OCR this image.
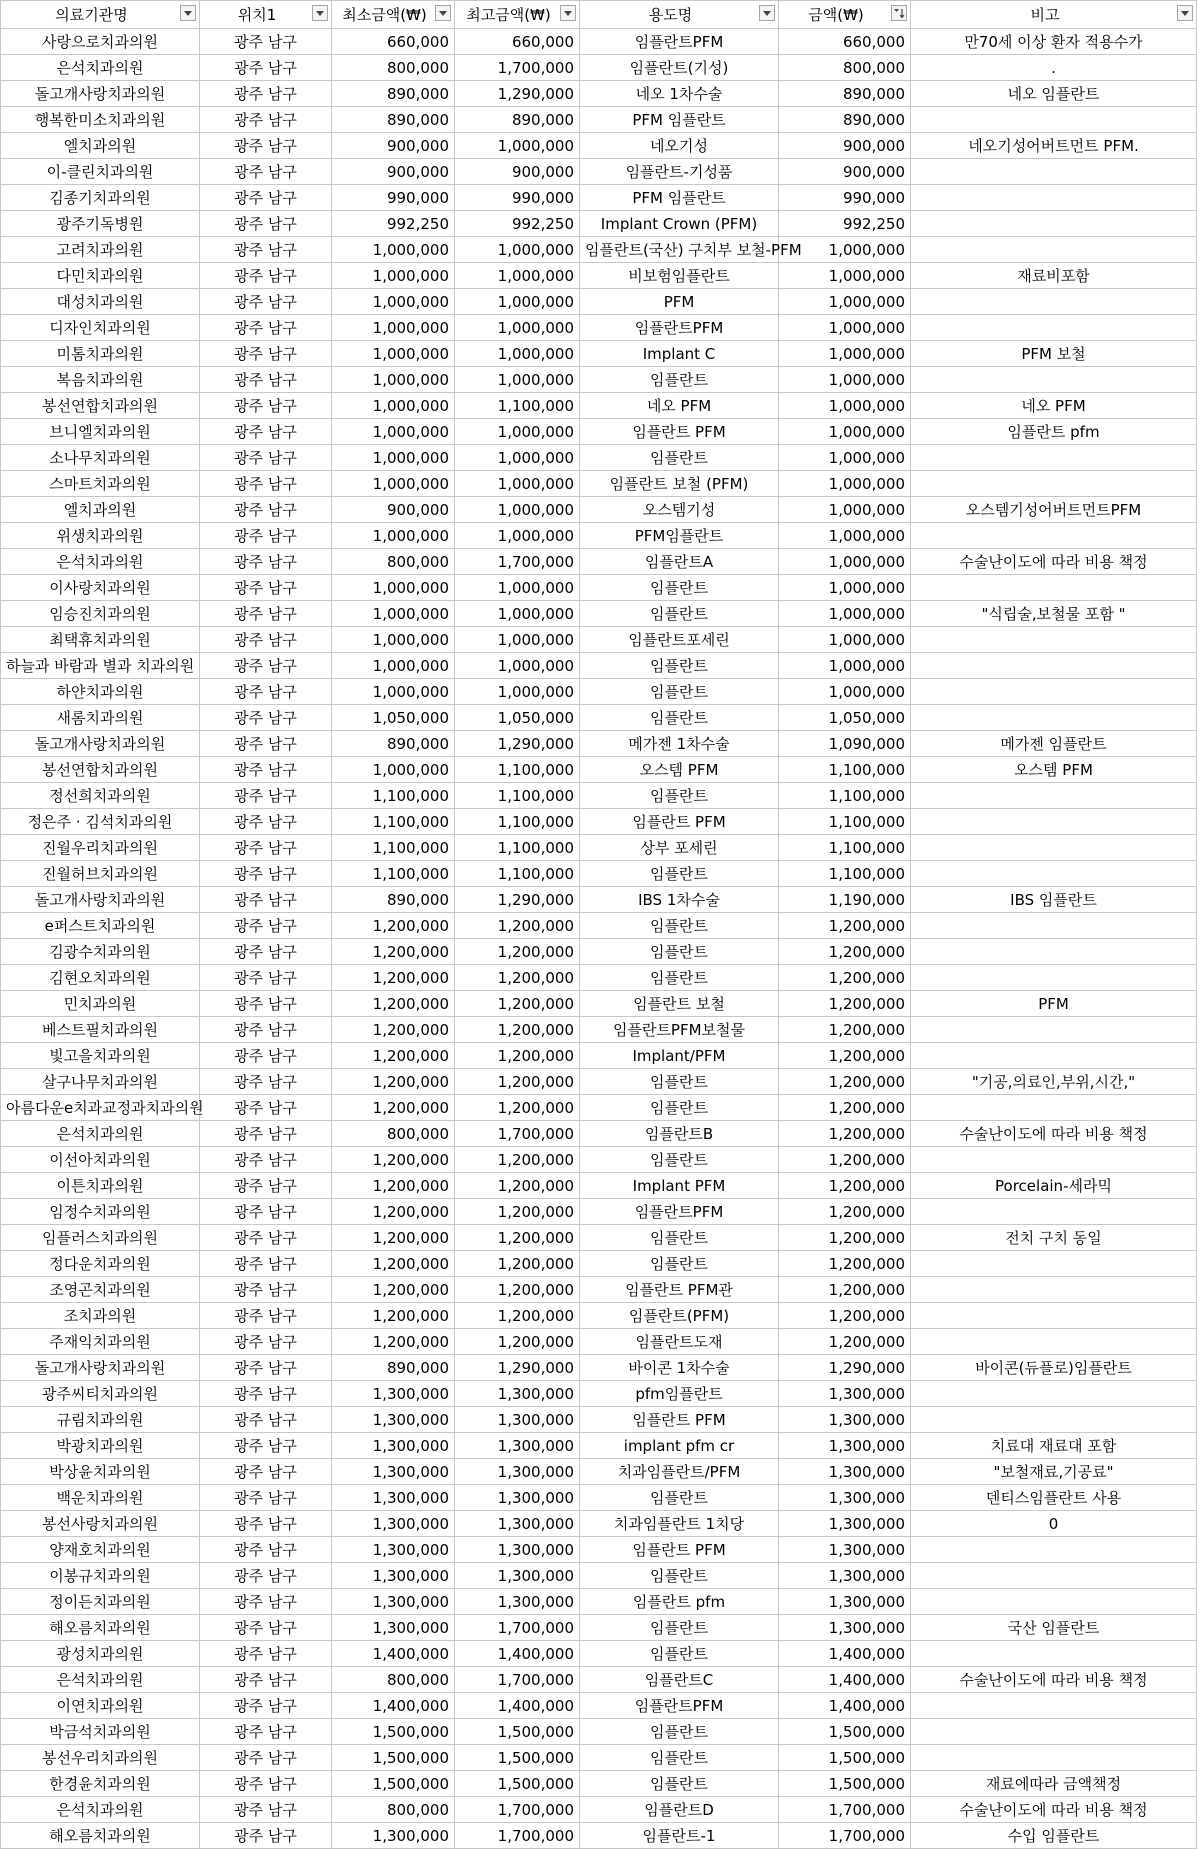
의료기관명	위치1	최소금액(₩)	최고금액(₩)	용도명	금액(₩)	비고

사랑으로치과의원	광주 남구	660,000	660,000	임플란트PFM	660,000	만70세 이상 환자 적용수가
은석치과의원	광주 남구	800,000	1,700,000	임플란트(기성)	800,000	.
돌고개사랑치과의원	광주 남구	890,000	1,290,000	네오 1차수술	890,000	네오 임플란트
행복한미소치과의원	광주 남구	890,000	890,000	PFM 임플란트	890,000	
엘치과의원	광주 남구	900,000	1,000,000	네오기성	900,000	네오기성어버트먼트 PFM.
이-클린치과의원	광주 남구	900,000	900,000	임플란트-기성품	900,000	
김종기치과의원	광주 남구	990,000	990,000	PFM 임플란트	990,000	
광주기독병원	광주 남구	992,250	992,250	Implant Crown (PFM)	992,250	
고려치과의원	광주 남구	1,000,000	1,000,000	임플란트(국산) 구치부 보철-PFM	1,000,000	
다민치과의원	광주 남구	1,000,000	1,000,000	비보험임플란트	1,000,000	재료비포함
대성치과의원	광주 남구	1,000,000	1,000,000	PFM	1,000,000	
디자인치과의원	광주 남구	1,000,000	1,000,000	임플란트PFM	1,000,000	
미톰치과의원	광주 남구	1,000,000	1,000,000	Implant C	1,000,000	PFM 보철
복음치과의원	광주 남구	1,000,000	1,000,000	임플란트	1,000,000	
봉선연합치과의원	광주 남구	1,000,000	1,100,000	네오 PFM	1,000,000	네오 PFM
브니엘치과의원	광주 남구	1,000,000	1,000,000	임플란트 PFM	1,000,000	임플란트 pfm
소나무치과의원	광주 남구	1,000,000	1,000,000	임플란트	1,000,000	
스마트치과의원	광주 남구	1,000,000	1,000,000	임플란트 보철 (PFM)	1,000,000	
엘치과의원	광주 남구	900,000	1,000,000	오스템기성	1,000,000	오스템기성어버트먼트PFM
위생치과의원	광주 남구	1,000,000	1,000,000	PFM임플란트	1,000,000	
은석치과의원	광주 남구	800,000	1,700,000	임플란트A	1,000,000	수술난이도에 따라 비용 책정
이사랑치과의원	광주 남구	1,000,000	1,000,000	임플란트	1,000,000	
임승진치과의원	광주 남구	1,000,000	1,000,000	임플란트	1,000,000	"식립술,보철물 포함 "
최택휴치과의원	광주 남구	1,000,000	1,000,000	임플란트포세린	1,000,000	
하늘과 바람과 별과 치과의원	광주 남구	1,000,000	1,000,000	임플란트	1,000,000	
하얀치과의원	광주 남구	1,000,000	1,000,000	임플란트	1,000,000	
새롬치과의원	광주 남구	1,050,000	1,050,000	임플란트	1,050,000	
돌고개사랑치과의원	광주 남구	890,000	1,290,000	메가젠 1차수술	1,090,000	메가젠 임플란트
봉선연합치과의원	광주 남구	1,000,000	1,100,000	오스템 PFM	1,100,000	오스템 PFM
정선희치과의원	광주 남구	1,100,000	1,100,000	임플란트	1,100,000	
정은주 · 김석치과의원	광주 남구	1,100,000	1,100,000	임플란트 PFM	1,100,000	
진월우리치과의원	광주 남구	1,100,000	1,100,000	상부 포세린	1,100,000	
진월허브치과의원	광주 남구	1,100,000	1,100,000	임플란트	1,100,000	
돌고개사랑치과의원	광주 남구	890,000	1,290,000	IBS 1차수술	1,190,000	IBS 임플란트
e퍼스트치과의원	광주 남구	1,200,000	1,200,000	임플란트	1,200,000	
김광수치과의원	광주 남구	1,200,000	1,200,000	임플란트	1,200,000	
김현오치과의원	광주 남구	1,200,000	1,200,000	임플란트	1,200,000	
민치과의원	광주 남구	1,200,000	1,200,000	임플란트 보철	1,200,000	PFM
베스트필치과의원	광주 남구	1,200,000	1,200,000	임플란트PFM보철물	1,200,000	
빛고을치과의원	광주 남구	1,200,000	1,200,000	Implant/PFM	1,200,000	
살구나무치과의원	광주 남구	1,200,000	1,200,000	임플란트	1,200,000	"기공,의료인,부위,시간,"
아름다운e치과교정과치과의원	광주 남구	1,200,000	1,200,000	임플란트	1,200,000	
은석치과의원	광주 남구	800,000	1,700,000	임플란트B	1,200,000	수술난이도에 따라 비용 책정
이선아치과의원	광주 남구	1,200,000	1,200,000	임플란트	1,200,000	
이튼치과의원	광주 남구	1,200,000	1,200,000	Implant PFM	1,200,000	Porcelain-세라믹
임정수치과의원	광주 남구	1,200,000	1,200,000	임플란트PFM	1,200,000	
임플러스치과의원	광주 남구	1,200,000	1,200,000	임플란트	1,200,000	전치 구치 동일
정다운치과의원	광주 남구	1,200,000	1,200,000	임플란트	1,200,000	
조영곤치과의원	광주 남구	1,200,000	1,200,000	임플란트 PFM관	1,200,000	
조치과의원	광주 남구	1,200,000	1,200,000	임플란트(PFM)	1,200,000	
주재익치과의원	광주 남구	1,200,000	1,200,000	임플란트도재	1,200,000	
돌고개사랑치과의원	광주 남구	890,000	1,290,000	바이콘 1차수술	1,290,000	바이콘(듀플로)임플란트
광주씨티치과의원	광주 남구	1,300,000	1,300,000	pfm임플란트	1,300,000	
규림치과의원	광주 남구	1,300,000	1,300,000	임플란트 PFM	1,300,000	
박광치과의원	광주 남구	1,300,000	1,300,000	implant pfm cr	1,300,000	치료대 재료대 포함
박상윤치과의원	광주 남구	1,300,000	1,300,000	치과임플란트/PFM	1,300,000	"보철재료,기공료"
백운치과의원	광주 남구	1,300,000	1,300,000	임플란트	1,300,000	덴티스임플란트 사용
봉선사랑치과의원	광주 남구	1,300,000	1,300,000	치과임플란트 1치당	1,300,000	0
양재호치과의원	광주 남구	1,300,000	1,300,000	임플란트 PFM	1,300,000	
이봉규치과의원	광주 남구	1,300,000	1,300,000	임플란트	1,300,000	
정이든치과의원	광주 남구	1,300,000	1,300,000	임플란트 pfm	1,300,000	
해오름치과의원	광주 남구	1,300,000	1,700,000	임플란트	1,300,000	국산 임플란트
광성치과의원	광주 남구	1,400,000	1,400,000	임플란트	1,400,000	
은석치과의원	광주 남구	800,000	1,700,000	임플란트C	1,400,000	수술난이도에 따라 비용 책정
이연치과의원	광주 남구	1,400,000	1,400,000	임플란트PFM	1,400,000	
박금석치과의원	광주 남구	1,500,000	1,500,000	임플란트	1,500,000	
봉선우리치과의원	광주 남구	1,500,000	1,500,000	임플란트	1,500,000	
한경윤치과의원	광주 남구	1,500,000	1,500,000	임플란트	1,500,000	재료에따라 금액책정
은석치과의원	광주 남구	800,000	1,700,000	임플란트D	1,700,000	수술난이도에 따라 비용 책정
해오름치과의원	광주 남구	1,300,000	1,700,000	임플란트-1	1,700,000	수입 임플란트
